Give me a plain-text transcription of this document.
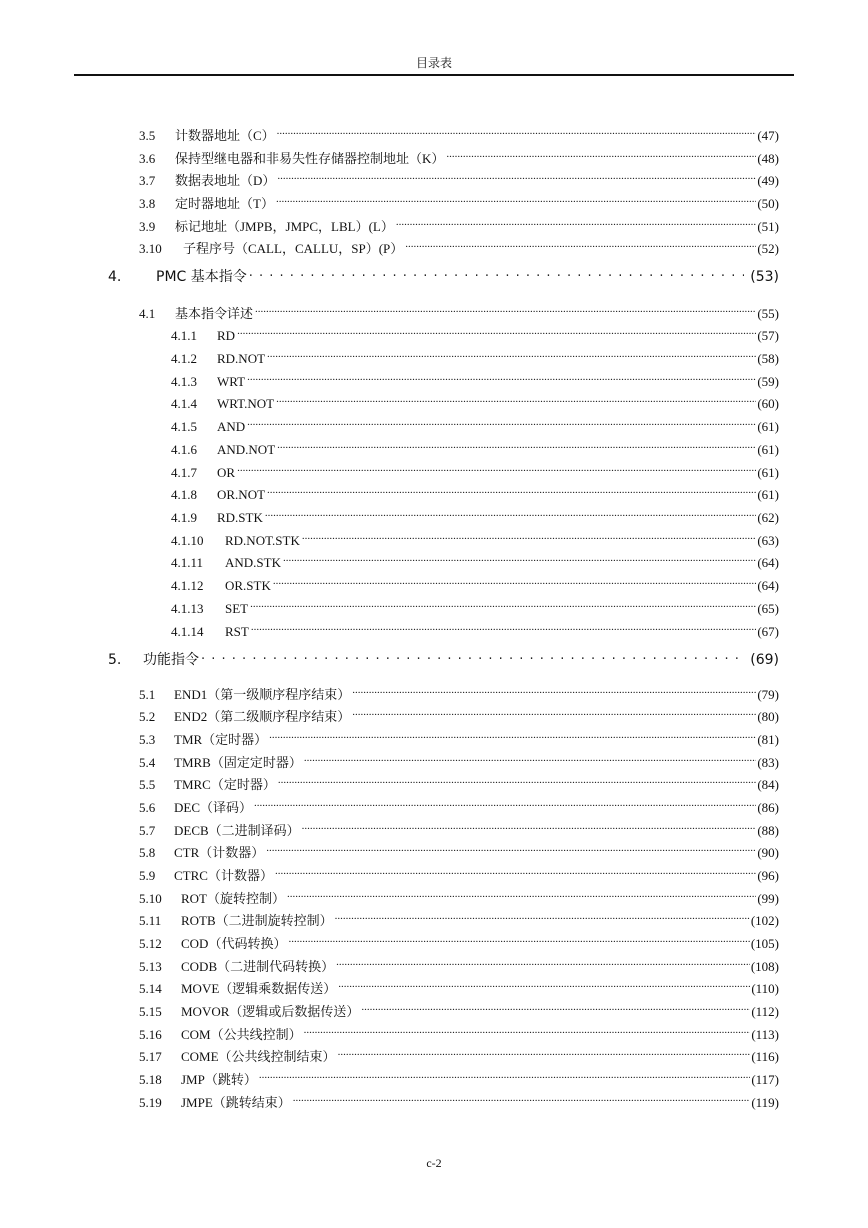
目录表
3.5	计数器地址（C） .....	(47)
3.6	保持型继电器和非易失性存储器控制地址（K） .....	(48)
3.7	数据表地址（D） .....	(49)
3.8	定时器地址（T） .....	(50)
3.9	标记地址（JMPB，JMPC，LBL）(L） .....	(51)
3.10	子程序号（CALL，CALLU，SP）(P） .....	(52)
4.	PMC 基本指令 . . .	(53)
4.1	基本指令详述 .....	(55)
4.1.1	RD .....	(57)
4.1.2	RD.NOT .....	(58)
4.1.3	WRT .....	(59)
4.1.4	WRT.NOT .....	(60)
4.1.5	AND .....	(61)
4.1.6	AND.NOT .....	(61)
4.1.7	OR .....	(61)
4.1.8	OR.NOT .....	(61)
4.1.9	RD.STK .....	(62)
4.1.10	RD.NOT.STK .....	(63)
4.1.11	AND.STK .....	(64)
4.1.12	OR.STK .....	(64)
4.1.13	SET .....	(65)
4.1.14	RST .....	(67)
5.	功能指令 . . .	(69)
5.1	END1（第一级顺序程序结束） .....	(79)
5.2	END2（第二级顺序程序结束） .....	(80)
5.3	TMR（定时器） .....	(81)
5.4	TMRB（固定定时器） .....	(83)
5.5	TMRC（定时器） .....	(84)
5.6	DEC（译码） .....	(86)
5.7	DECB（二进制译码） .....	(88)
5.8	CTR（计数器） .....	(90)
5.9	CTRC（计数器） .....	(96)
5.10	ROT（旋转控制） .....	(99)
5.11	ROTB（二进制旋转控制） .....	(102)
5.12	COD（代码转换） .....	(105)
5.13	CODB（二进制代码转换） .....	(108)
5.14	MOVE（逻辑乘数据传送） .....	(110)
5.15	MOVOR（逻辑或后数据传送） .....	(112)
5.16	COM（公共线控制） .....	(113)
5.17	COME（公共线控制结束） .....	(116)
5.18	JMP（跳转） .....	(117)
5.19	JMPE（跳转结束） .....	(119)
c-2
